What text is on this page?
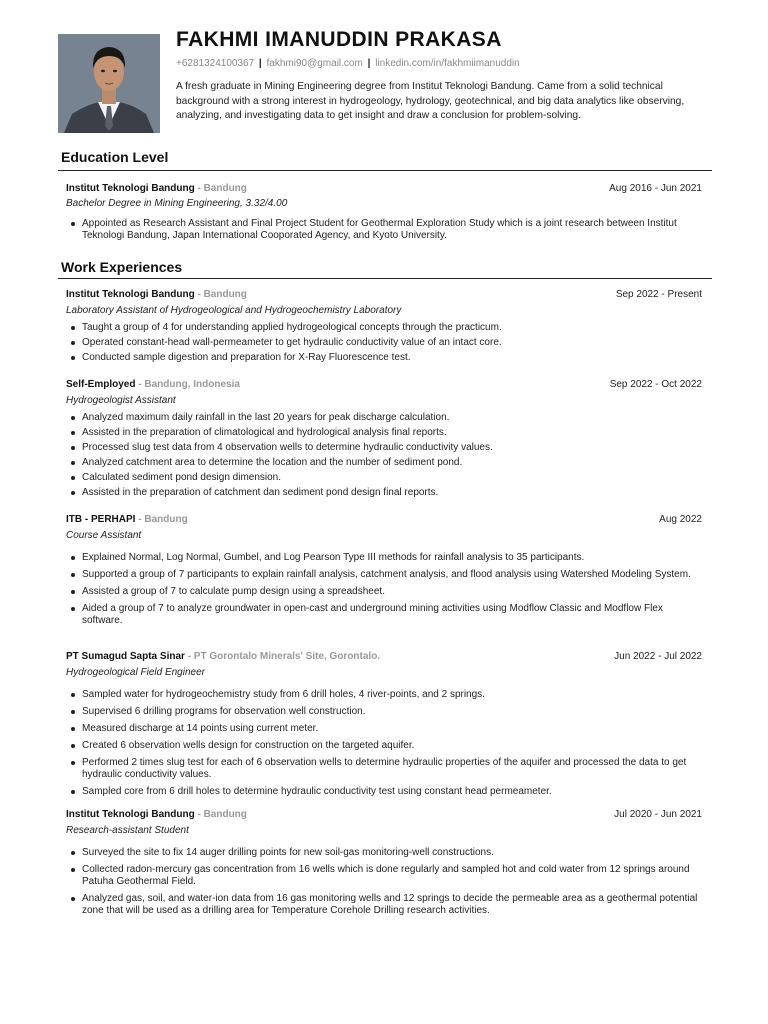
FAKHMI IMANUDDIN PRAKASA
+6281324100367 | fakhmi90@gmail.com | linkedin.com/in/fakhmiimanuddin
A fresh graduate in Mining Engineering degree from Institut Teknologi Bandung. Came from a solid technical background with a strong interest in hydrogeology, hydrology, geotechnical, and big data analytics like observing, analyzing, and investigating data to get insight and draw a conclusion for problem-solving.
Education Level
Institut Teknologi Bandung - Bandung	Aug 2016 - Jun 2021
Bachelor Degree in Mining Engineering, 3.32/4.00
Appointed as Research Assistant and Final Project Student for Geothermal Exploration Study which is a joint research between Institut Teknologi Bandung, Japan International Cooporated Agency, and Kyoto University.
Work Experiences
Institut Teknologi Bandung - Bandung	Sep 2022 - Present
Laboratory Assistant of Hydrogeological and Hydrogeochemistry Laboratory
Taught a group of 4 for understanding applied hydrogeological concepts through the practicum.
Operated constant-head wall-permeameter to get hydraulic conductivity value of an intact core.
Conducted sample digestion and preparation for X-Ray Fluorescence test.
Self-Employed - Bandung, Indonesia	Sep 2022 - Oct 2022
Hydrogeologist Assistant
Analyzed maximum daily rainfall in the last 20 years for peak discharge calculation.
Assisted in the preparation of climatological and hydrological analysis final reports.
Processed slug test data from 4 observation wells to determine hydraulic conductivity values.
Analyzed catchment area to determine the location and the number of sediment pond.
Calculated sediment pond design dimension.
Assisted in the preparation of catchment dan sediment pond design final reports.
ITB - PERHAPI - Bandung	Aug 2022
Course Assistant
Explained Normal, Log Normal, Gumbel, and Log Pearson Type III methods for rainfall analysis to 35 participants.
Supported a group of 7 participants to explain rainfall analysis, catchment analysis, and flood analysis using Watershed Modeling System.
Assisted a group of 7 to calculate pump design using a spreadsheet.
Aided a group of 7 to analyze groundwater in open-cast and underground mining activities using Modflow Classic and Modflow Flex software.
PT Sumagud Sapta Sinar - PT Gorontalo Minerals' Site, Gorontalo.	Jun 2022 - Jul 2022
Hydrogeological Field Engineer
Sampled water for hydrogeochemistry study from 6 drill holes, 4 river-points, and 2 springs.
Supervised 6 drilling programs for observation well construction.
Measured discharge at 14 points using current meter.
Created 6 observation wells design for construction on the targeted aquifer.
Performed 2 times slug test for each of 6 observation wells to determine hydraulic properties of the aquifer and processed the data to get hydraulic conductivity values.
Sampled core from 6 drill holes to determine hydraulic conductivity test using constant head permeameter.
Institut Teknologi Bandung - Bandung	Jul 2020 - Jun 2021
Research-assistant Student
Surveyed the site to fix 14 auger drilling points for new soil-gas monitoring-well constructions.
Collected radon-mercury gas concentration from 16 wells which is done regularly and sampled hot and cold water from 12 springs around Patuha Geothermal Field.
Analyzed gas, soil, and water-ion data from 16 gas monitoring wells and 12 springs to decide the permeable area as a geothermal potential zone that will be used as a drilling area for Temperature Corehole Drilling research activities.
